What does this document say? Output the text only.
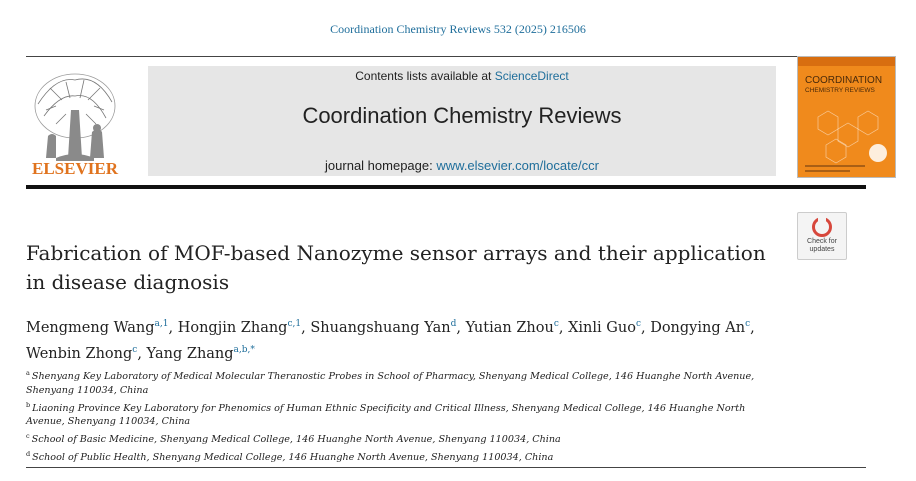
Coordination Chemistry Reviews 532 (2025) 216506
ELSEVIER
Contents lists available at ScienceDirect
Coordination Chemistry Reviews
journal homepage: www.elsevier.com/locate/ccr
COORDINATION
CHEMISTRY REVIEWS
Check for
updates
Fabrication of MOF-based Nanozyme sensor arrays and their application in disease diagnosis
Mengmeng Wang$^{a,1}$, Hongjin Zhang$^{c,1}$, Shuangshuang Yan$^d$, Yutian Zhou$^c$, Xinli Guo$^c$, Dongying An$^c$, Wenbin Zhong$^c$, Yang Zhang$^{a,b,*}$
$^a$ Shenyang Key Laboratory of Medical Molecular Theranostic Probes in School of Pharmacy, Shenyang Medical College, 146 Huanghe North Avenue, Shenyang 110034, China
$^b$ Liaoning Province Key Laboratory for Phenomics of Human Ethnic Specificity and Critical Illness, Shenyang Medical College, 146 Huanghe North Avenue, Shenyang 110034, China
$^c$ School of Basic Medicine, Shenyang Medical College, 146 Huanghe North Avenue, Shenyang 110034, China
$^d$ School of Public Health, Shenyang Medical College, 146 Huanghe North Avenue, Shenyang 110034, China
